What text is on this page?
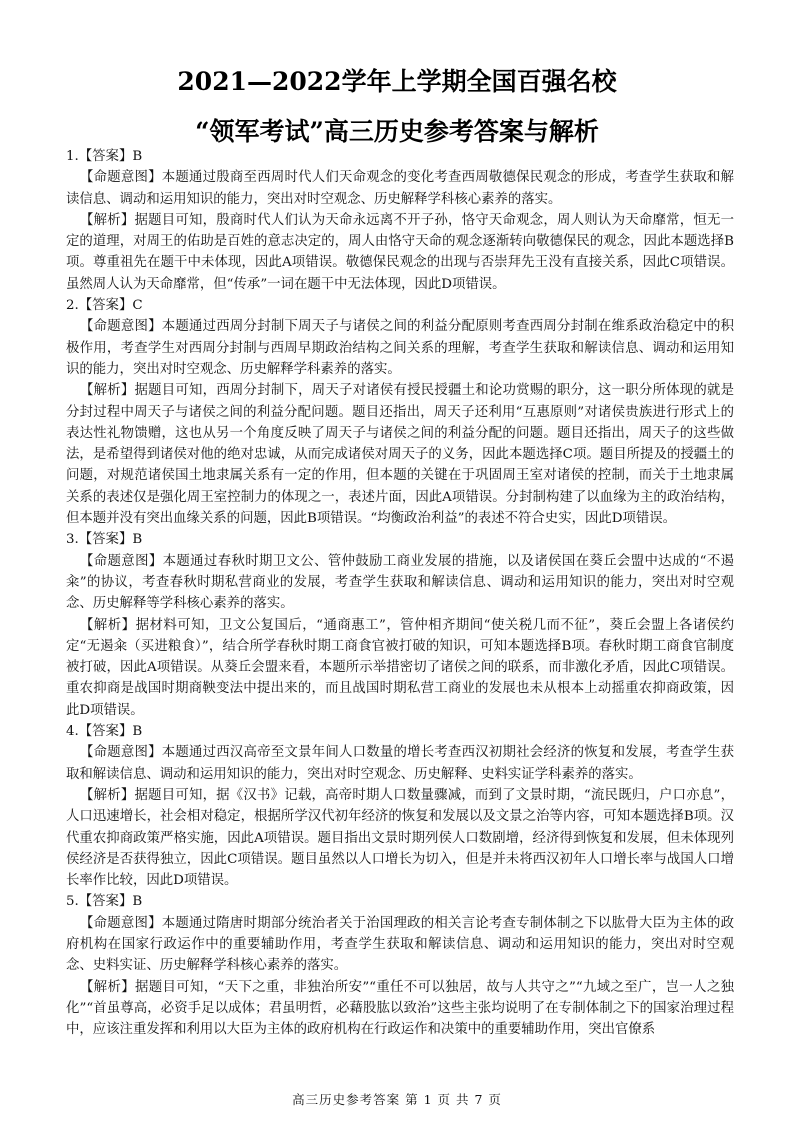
2021—2022学年上学期全国百强名校
“领军考试”高三历史参考答案与解析

1.【答案】B

【命题意图】本题通过殷商至西周时代人们天命观念的变化考查西周敬德保民观念的形成，考查学生获取和解读信息、调动和运用知识的能力，突出对时空观念、历史解释学科核心素养的落实。

【解析】据题目可知，殷商时代人们认为天命永远离不开子孙，恪守天命观念，周人则认为天命靡常，恒无一定的道理，对周王的佑助是百姓的意志决定的，周人由恪守天命的观念逐渐转向敬德保民的观念，因此本题选择B项。尊重祖先在题干中未体现，因此A项错误。敬德保民观念的出现与否崇拜先王没有直接关系，因此C项错误。虽然周人认为天命靡常，但“传承”一词在题干中无法体现，因此D项错误。

2.【答案】C

【命题意图】本题通过西周分封制下周天子与诸侯之间的利益分配原则考查西周分封制在维系政治稳定中的积极作用，考查学生对西周分封制与西周早期政治结构之间关系的理解，考查学生获取和解读信息、调动和运用知识的能力，突出对时空观念、历史解释学科素养的落实。

【解析】据题目可知，西周分封制下，周天子对诸侯有授民授疆土和论功赏赐的职分，这一职分所体现的就是分封过程中周天子与诸侯之间的利益分配问题。题目还指出，周天子还利用“互惠原则”对诸侯贵族进行形式上的表达性礼物馈赠，这也从另一个角度反映了周天子与诸侯之间的利益分配的问题。题目还指出，周天子的这些做法，是希望得到诸侯对他的绝对忠诚，从而完成诸侯对周天子的义务，因此本题选择C项。题目所提及的授疆土的问题，对规范诸侯国土地隶属关系有一定的作用，但本题的关键在于巩固周王室对诸侯的控制，而关于土地隶属关系的表述仅是强化周王室控制力的体现之一，表述片面，因此A项错误。分封制构建了以血缘为主的政治结构，但本题并没有突出血缘关系的问题，因此B项错误。“均衡政治利益”的表述不符合史实，因此D项错误。

3.【答案】B

【命题意图】本题通过春秋时期卫文公、管仲鼓励工商业发展的措施，以及诸侯国在葵丘会盟中达成的“不遏籴”的协议，考查春秋时期私营商业的发展，考查学生获取和解读信息、调动和运用知识的能力，突出对时空观念、历史解释等学科核心素养的落实。

【解析】据材料可知，卫文公复国后，“通商惠工”，管仲相齐期间“使关税几而不征”，葵丘会盟上各诸侯约定“无遏籴（买进粮食）”，结合所学春秋时期工商食官被打破的知识，可知本题选择B项。春秋时期工商食官制度被打破，因此A项错误。从葵丘会盟来看，本题所示举措密切了诸侯之间的联系，而非激化矛盾，因此C项错误。重农抑商是战国时期商鞅变法中提出来的，而且战国时期私营工商业的发展也未从根本上动摇重农抑商政策，因此D项错误。

4.【答案】B

【命题意图】本题通过西汉高帝至文景年间人口数量的增长考查西汉初期社会经济的恢复和发展，考查学生获取和解读信息、调动和运用知识的能力，突出对时空观念、历史解释、史料实证学科素养的落实。

【解析】据题目可知，据《汉书》记载，高帝时期人口数量骤减，而到了文景时期，“流民既归，户口亦息”，人口迅速增长，社会相对稳定，根据所学汉代初年经济的恢复和发展以及文景之治等内容，可知本题选择B项。汉代重农抑商政策严格实施，因此A项错误。题目指出文景时期列侯人口数剧增，经济得到恢复和发展，但未体现列侯经济是否获得独立，因此C项错误。题目虽然以人口增长为切入，但是并未将西汉初年人口增长率与战国人口增长率作比较，因此D项错误。

5.【答案】B

【命题意图】本题通过隋唐时期部分统治者关于治国理政的相关言论考查专制体制之下以肱骨大臣为主体的政府机构在国家行政运作中的重要辅助作用，考查学生获取和解读信息、调动和运用知识的能力，突出对时空观念、史料实证、历史解释学科核心素养的落实。

【解析】据题目可知，“天下之重，非独治所安”“重任不可以独居，故与人共守之”“九域之至广，岂一人之独化”“首虽尊高，必资手足以成体；君虽明哲，必藉股肱以致治”这些主张均说明了在专制体制之下的国家治理过程中，应该注重发挥和利用以大臣为主体的政府机构在行政运作和决策中的重要辅助作用，突出官僚系

高三历史参考答案 第 1 页 共 7 页
